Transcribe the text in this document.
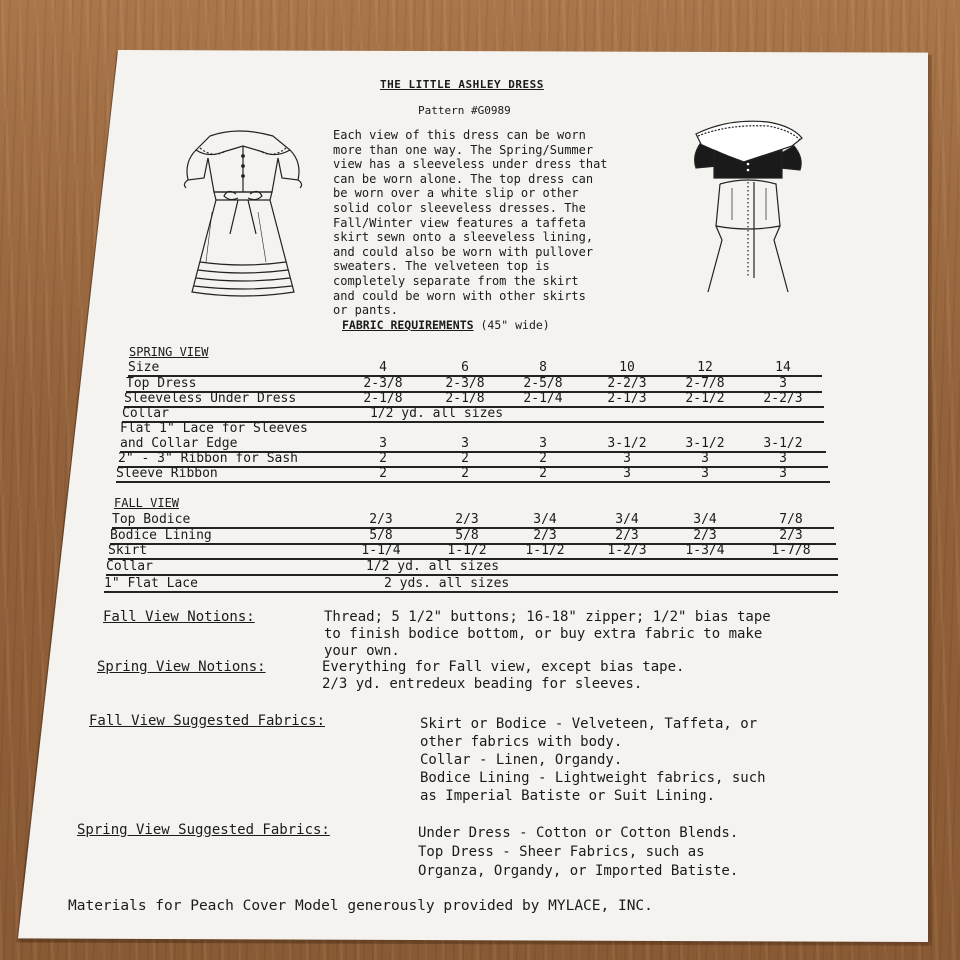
THE LITTLE ASHLEY DRESS
Pattern #G0989
Each view of this dress can be worn
more than one way. The Spring/Summer
view has a sleeveless under dress that
can be worn alone. The top dress can
be worn over a white slip or other
solid color sleeveless dresses. The
Fall/Winter view features a taffeta
skirt sewn onto a sleeveless lining,
and could also be worn with pullover
sweaters. The velveteen top is
completely separate from the skirt
and could be worn with other skirts
or pants.
FABRIC REQUIREMENTS (45" wide)
SPRING VIEW
Size	4	6	8	10	12	14
Top Dress	2-3/8	2-3/8	2-5/8	2-2/3	2-7/8	3
Sleeveless Under Dress	2-1/8	2-1/8	2-1/4	2-1/3	2-1/2	2-2/3
Collar	1/2 yd. all sizes
Flat 1" Lace for Sleeves
and Collar Edge	3	3	3	3-1/2	3-1/2	3-1/2
2" - 3" Ribbon for Sash	2	2	2	3	3	3
Sleeve Ribbon	2	2	2	3	3	3
FALL VIEW
Top Bodice	2/3	2/3	3/4	3/4	3/4	7/8
Bodice Lining	5/8	5/8	2/3	2/3	2/3	2/3
Skirt	1-1/4	1-1/2	1-1/2	1-2/3	1-3/4	1-7/8
Collar	1/2 yd. all sizes
1" Flat Lace	2 yds. all sizes
Fall View Notions:	Thread; 5 1/2" buttons; 16-18" zipper; 1/2" bias tape
to finish bodice bottom, or buy extra fabric to make
your own.
Spring View Notions:	Everything for Fall view, except bias tape.
2/3 yd. entredeux beading for sleeves.
Fall View Suggested Fabrics:	Skirt or Bodice - Velveteen, Taffeta, or
other fabrics with body.
Collar - Linen, Organdy.
Bodice Lining - Lightweight fabrics, such
as Imperial Batiste or Suit Lining.
Spring View Suggested Fabrics:	Under Dress - Cotton or Cotton Blends.
Top Dress - Sheer Fabrics, such as
Organza, Organdy, or Imported Batiste.
Materials for Peach Cover Model generously provided by MYLACE, INC.
